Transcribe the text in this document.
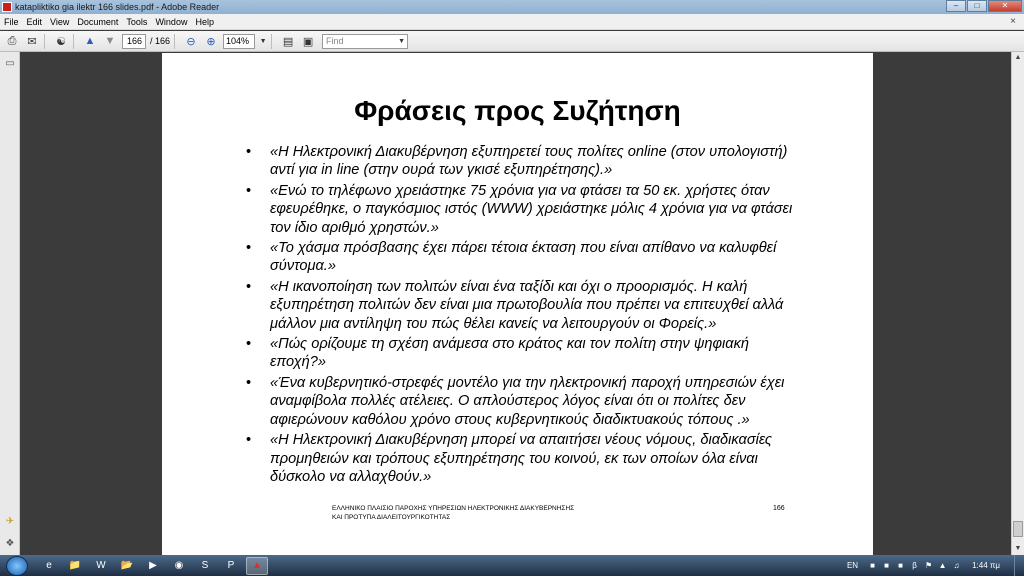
katapliktiko gia ilektr 166 slides.pdf - Adobe Reader	–	□	✕
File Edit View Document Tools Window Help	×
⎙ ✉	☯ ▲ ▼	166 / 166	⊖ ⊕	104%	▼ ▤ ▣	Find	▼
▭
✈
❖
Φράσεις προς Συζήτηση
• «Η Ηλεκτρονική Διακυβέρνηση εξυπηρετεί τους πολίτες online (στον υπολογιστή) αντί για in line (στην ουρά των γκισέ εξυπηρέτησης).»
• «Ενώ το τηλέφωνο χρειάστηκε 75 χρόνια για να φτάσει τα 50 εκ. χρήστες όταν εφευρέθηκε, ο παγκόσμιος ιστός (WWW) χρειάστηκε μόλις 4 χρόνια για να φτάσει τον ίδιο αριθμό χρηστών.»
• «Το χάσμα πρόσβασης έχει πάρει τέτοια έκταση που είναι απίθανο να καλυφθεί σύντομα.»
• «Η ικανοποίηση των πολιτών είναι ένα ταξίδι και όχι ο προορισμός. Η καλή εξυπηρέτηση πολιτών δεν είναι μια πρωτοβουλία που πρέπει να επιτευχθεί αλλά μάλλον μια αντίληψη του πώς θέλει κανείς να λειτουργούν οι Φορείς.»
• «Πώς ορίζουμε τη σχέση ανάμεσα στο κράτος και τον πολίτη στην ψηφιακή εποχή?»
• «Ένα κυβερνητικό-στρεφές μοντέλο για την ηλεκτρονική παροχή υπηρεσιών έχει αναμφίβολα πολλές ατέλειες. Ο απλούστερος λόγος είναι ότι οι πολίτες δεν αφιερώνουν καθόλου χρόνο στους κυβερνητικούς διαδικτυακούς τόπους .»
• «Η Ηλεκτρονική Διακυβέρνηση μπορεί να απαιτήσει νέους νόμους, διαδικασίες προμηθειών και τρόπους εξυπηρέτησης του κοινού, εκ των οποίων όλα είναι δύσκολο να αλλαχθούν.»
ΕΛΛΗΝΙΚΟ ΠΛΑΙΣΙΟ ΠΑΡΟΧΗΣ ΥΠΗΡΕΣΙΩΝ ΗΛΕΚΤΡΟΝΙΚΗΣ ΔΙΑΚΥΒΕΡΝΗΣΗΣ
ΚΑΙ ΠΡΟΤΥΠΑ ΔΙΑΛΕΙΤΟΥΡΓΙΚΟΤΗΤΑΣ
166
▲
▼
e	📁	W	📂	▶	◉	S	P	▲	EN ■ ■ ■ β ⚑ ▲ ♫ 1:44 πμ
